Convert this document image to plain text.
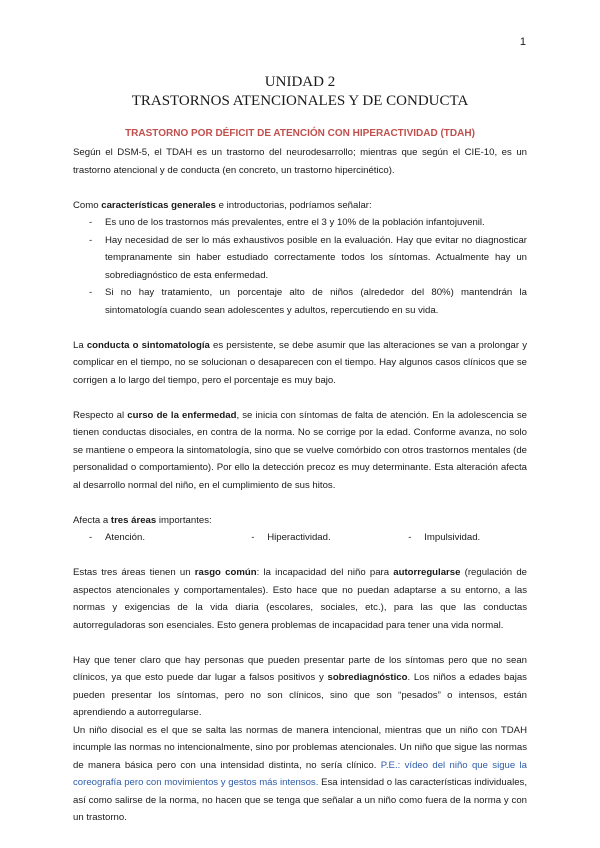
1
UNIDAD 2
TRASTORNOS ATENCIONALES Y DE CONDUCTA
TRASTORNO POR DÉFICIT DE ATENCIÓN CON HIPERACTIVIDAD (TDAH)

Según el DSM-5, el TDAH es un trastorno del neurodesarrollo; mientras que según el CIE-10, es un trastorno atencional y de conducta (en concreto, un trastorno hipercinético).

Como características generales e introductorias, podríamos señalar:

- Es uno de los trastornos más prevalentes, entre el 3 y 10% de la población infantojuvenil.
- Hay necesidad de ser lo más exhaustivos posible en la evaluación. Hay que evitar no diagnosticar tempranamente sin haber estudiado correctamente todos los síntomas. Actualmente hay un sobrediagnóstico de esta enfermedad.
- Si no hay tratamiento, un porcentaje alto de niños (alrededor del 80%) mantendrán la sintomatología cuando sean adolescentes y adultos, repercutiendo en su vida.

La conducta o sintomatología es persistente, se debe asumir que las alteraciones se van a prolongar y complicar en el tiempo, no se solucionan o desaparecen con el tiempo. Hay algunos casos clínicos que se corrigen a lo largo del tiempo, pero el porcentaje es muy bajo.

Respecto al curso de la enfermedad, se inicia con síntomas de falta de atención. En la adolescencia se tienen conductas disociales, en contra de la norma. No se corrige por la edad. Conforme avanza, no solo se mantiene o empeora la sintomatología, sino que se vuelve comórbido con otros trastornos mentales (de personalidad o comportamiento). Por ello la detección precoz es muy determinante. Esta alteración afecta al desarrollo normal del niño, en el cumplimiento de sus hitos.

Afecta a tres áreas importantes:

- Atención.	- Hiperactividad.	- Impulsividad.

Estas tres áreas tienen un rasgo común: la incapacidad del niño para autorregularse (regulación de aspectos atencionales y comportamentales). Esto hace que no puedan adaptarse a su entorno, a las normas y exigencias de la vida diaria (escolares, sociales, etc.), para las que las conductas autorreguladoras son esenciales. Esto genera problemas de incapacidad para tener una vida normal.

Hay que tener claro que hay personas que pueden presentar parte de los síntomas pero que no sean clínicos, ya que esto puede dar lugar a falsos positivos y sobrediagnóstico. Los niños a edades bajas pueden presentar los síntomas, pero no son clínicos, sino que son “pesados” o intensos, están aprendiendo a autorregularse.

Un niño disocial es el que se salta las normas de manera intencional, mientras que un niño con TDAH incumple las normas no intencionalmente, sino por problemas atencionales. Un niño que sigue las normas de manera básica pero con una intensidad distinta, no sería clínico. P.E.: vídeo del niño que sigue la coreografía pero con movimientos y gestos más intensos. Esa intensidad o las características individuales, así como salirse de la norma, no hacen que se tenga que señalar a un niño como fuera de la norma y con un trastorno.
